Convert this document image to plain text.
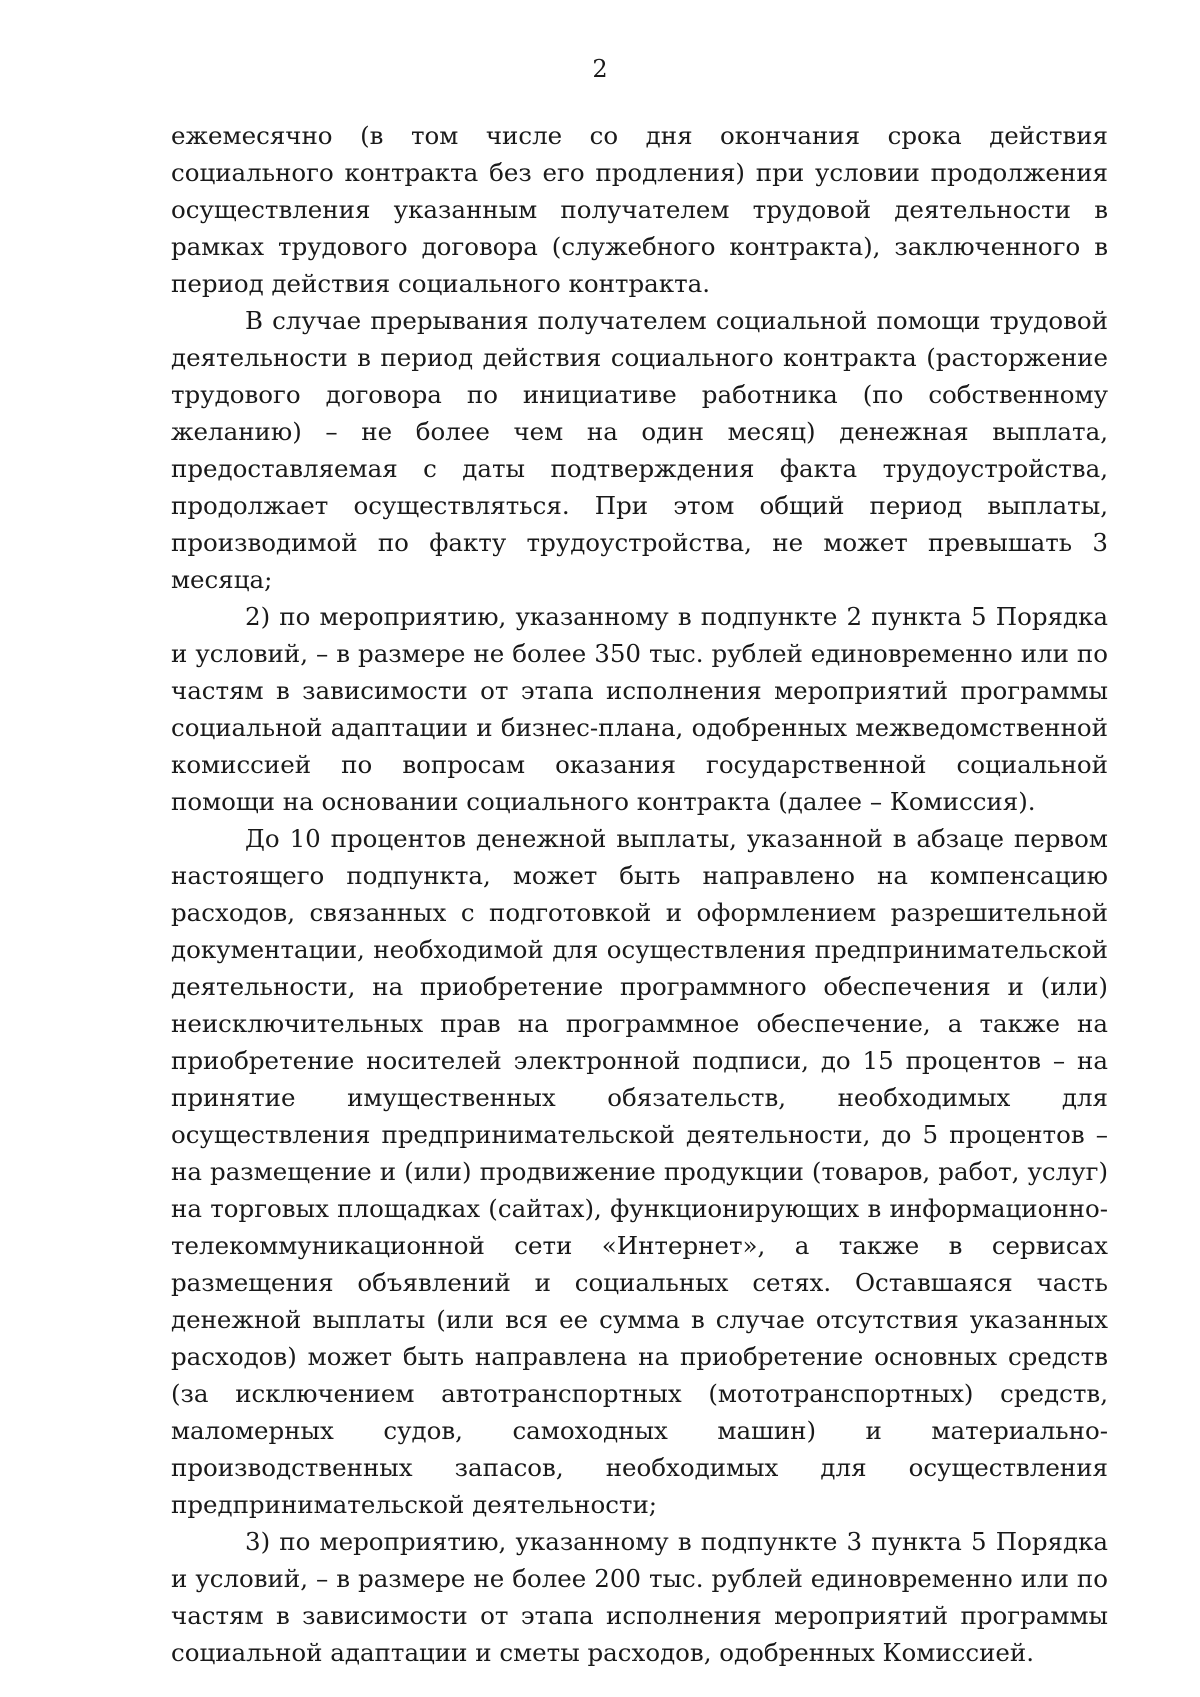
2

ежемесячно (в том числе со дня окончания срока действия социального контракта без его продления) при условии продолжения осуществления указанным получателем трудовой деятельности в рамках трудового договора (служебного контракта), заключенного в период действия социального контракта.

В случае прерывания получателем социальной помощи трудовой деятельности в период действия социального контракта (расторжение трудового договора по инициативе работника (по собственному желанию) – не более чем на один месяц) денежная выплата, предоставляемая с даты подтверждения факта трудоустройства, продолжает осуществляться. При этом общий период выплаты, производимой по факту трудоустройства, не может превышать 3 месяца;

2) по мероприятию, указанному в подпункте 2 пункта 5 Порядка и условий, – в размере не более 350 тыс. рублей единовременно или по частям в зависимости от этапа исполнения мероприятий программы социальной адаптации и бизнес-плана, одобренных межведомственной комиссией по вопросам оказания государственной социальной помощи на основании социального контракта (далее – Комиссия).

До 10 процентов денежной выплаты, указанной в абзаце первом настоящего подпункта, может быть направлено на компенсацию расходов, связанных с подготовкой и оформлением разрешительной документации, необходимой для осуществления предпринимательской деятельности, на приобретение программного обеспечения и (или) неисключительных прав на программное обеспечение, а также на приобретение носителей электронной подписи, до 15 процентов – на принятие имущественных обязательств, необходимых для осуществления предпринимательской деятельности, до 5 процентов – на размещение и (или) продвижение продукции (товаров, работ, услуг) на торговых площадках (сайтах), функционирующих в информационно-телекоммуникационной сети «Интернет», а также в сервисах размещения объявлений и социальных сетях. Оставшаяся часть денежной выплаты (или вся ее сумма в случае отсутствия указанных расходов) может быть направлена на приобретение основных средств (за исключением автотранспортных (мототранспортных) средств, маломерных судов, самоходных машин) и материально-производственных запасов, необходимых для осуществления предпринимательской деятельности;

3) по мероприятию, указанному в подпункте 3 пункта 5 Порядка и условий, – в размере не более 200 тыс. рублей единовременно или по частям в зависимости от этапа исполнения мероприятий программы социальной адаптации и сметы расходов, одобренных Комиссией.
